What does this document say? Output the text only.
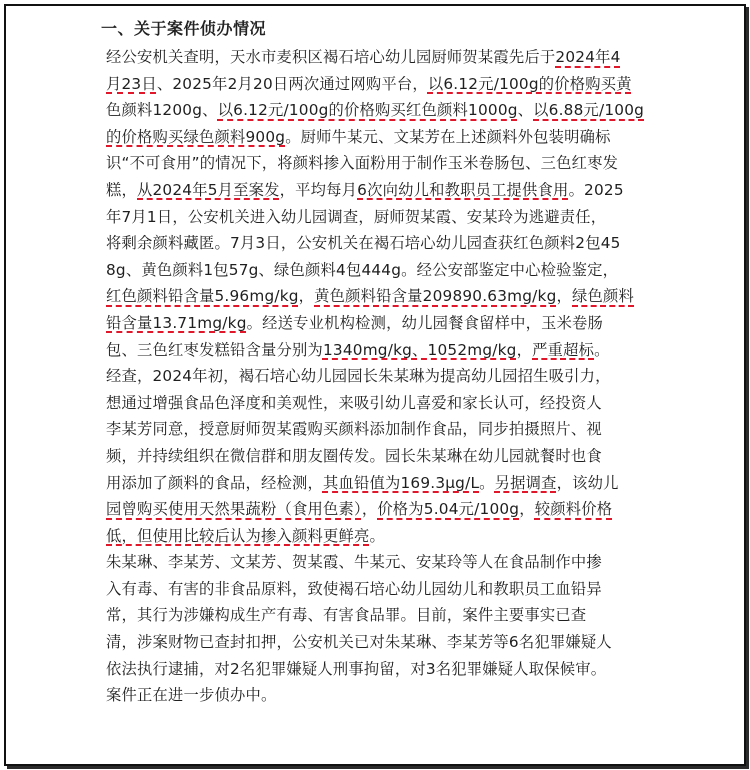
一、关于案件侦办情况
经公安机关查明，天水市麦积区褐石培心幼儿园厨师贺某霞先后于2024年4
月23日、2025年2月20日两次通过网购平台，以6.12元/100g的价格购买黄
色颜料1200g、以6.12元/100g的价格购买红色颜料1000g、以6.88元/100g
的价格购买绿色颜料900g。厨师牛某元、文某芳在上述颜料外包装明确标
识“不可食用”的情况下，将颜料掺入面粉用于制作玉米卷肠包、三色红枣发
糕，从2024年5月至案发，平均每月6次向幼儿和教职员工提供食用。2025
年7月1日，公安机关进入幼儿园调查，厨师贺某霞、安某玲为逃避责任，
将剩余颜料藏匿。7月3日，公安机关在褐石培心幼儿园查获红色颜料2包45
8g、黄色颜料1包57g、绿色颜料4包444g。经公安部鉴定中心检验鉴定，
红色颜料铅含量5.96mg/kg，黄色颜料铅含量209890.63mg/kg，绿色颜料
铅含量13.71mg/kg。经送专业机构检测，幼儿园餐食留样中，玉米卷肠
包、三色红枣发糕铅含量分别为1340mg/kg、1052mg/kg，严重超标。
经查，2024年初，褐石培心幼儿园园长朱某琳为提高幼儿园招生吸引力，
想通过增强食品色泽度和美观性，来吸引幼儿喜爱和家长认可，经投资人
李某芳同意，授意厨师贺某霞购买颜料添加制作食品，同步拍摄照片、视
频，并持续组织在微信群和朋友圈传发。园长朱某琳在幼儿园就餐时也食
用添加了颜料的食品，经检测，其血铅值为169.3μg/L。另据调查，该幼儿
园曾购买使用天然果蔬粉（食用色素），价格为5.04元/100g，较颜料价格
低，但使用比较后认为掺入颜料更鲜亮。
朱某琳、李某芳、文某芳、贺某霞、牛某元、安某玲等人在食品制作中掺
入有毒、有害的非食品原料，致使褐石培心幼儿园幼儿和教职员工血铅异
常，其行为涉嫌构成生产有毒、有害食品罪。目前，案件主要事实已查
清，涉案财物已查封扣押，公安机关已对朱某琳、李某芳等6名犯罪嫌疑人
依法执行逮捕，对2名犯罪嫌疑人刑事拘留，对3名犯罪嫌疑人取保候审。
案件正在进一步侦办中。
